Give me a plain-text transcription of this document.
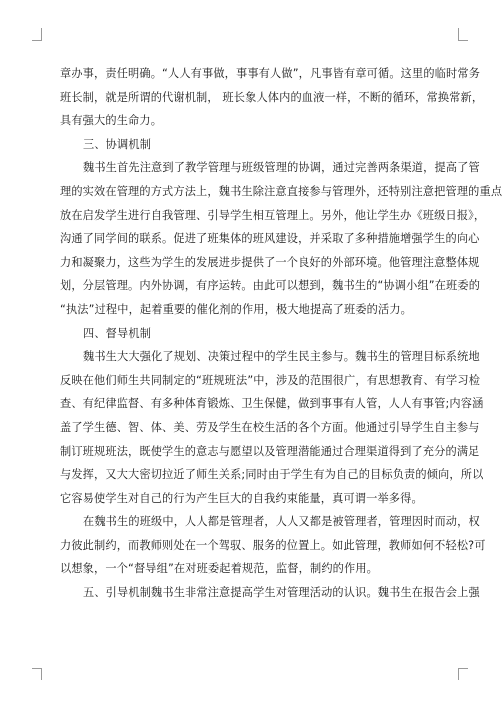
章办事，责任明确。“人人有事做，事事有人做”，凡事皆有章可循。这里的临时常务
班长制，就是所谓的代谢机制， 班长象人体内的血液一样，不断的循环，常换常新，
具有强大的生命力。
三、协调机制
魏书生首先注意到了教学管理与班级管理的协调，通过完善两条渠道，提高了管
理的实效在管理的方式方法上，魏书生除注意直接参与管理外，还特别注意把管理的重点
放在启发学生进行自我管理、引导学生相互管理上。另外，他让学生办《班级日报》，
沟通了同学间的联系。促进了班集体的班风建设，并采取了多种措施增强学生的向心
力和凝聚力，这些为学生的发展进步提供了一个良好的外部环境。他管理注意整体规
划，分层管理。内外协调，有序运转。由此可以想到，魏书生的“协调小组”在班委的
“执法”过程中，起着重要的催化剂的作用，极大地提高了班委的活力。
四、督导机制
魏书生大大强化了规划、决策过程中的学生民主参与。魏书生的管理目标系统地
反映在他们师生共同制定的“班规班法”中，涉及的范围很广，有思想教育、有学习检
查、有纪律监督、有多种体育锻炼、卫生保健，做到事事有人管，人人有事管;内容涵
盖了学生德、智、体、美、劳及学生在校生活的各个方面。他通过引导学生自主参与
制订班规班法，既使学生的意志与愿望以及管理潜能通过合理渠道得到了充分的满足
与发挥，又大大密切拉近了师生关系;同时由于学生有为自己的目标负责的倾向，所以
它容易使学生对自己的行为产生巨大的自我约束能量，真可谓一举多得。
在魏书生的班级中，人人都是管理者，人人又都是被管理者，管理因时而动，权
力彼此制约，而教师则处在一个驾驭、服务的位置上。如此管理，教师如何不轻松?可
以想象，一个“督导组”在对班委起着规范，监督，制约的作用。
五、引导机制魏书生非常注意提高学生对管理活动的认识。魏书生在报告会上强
